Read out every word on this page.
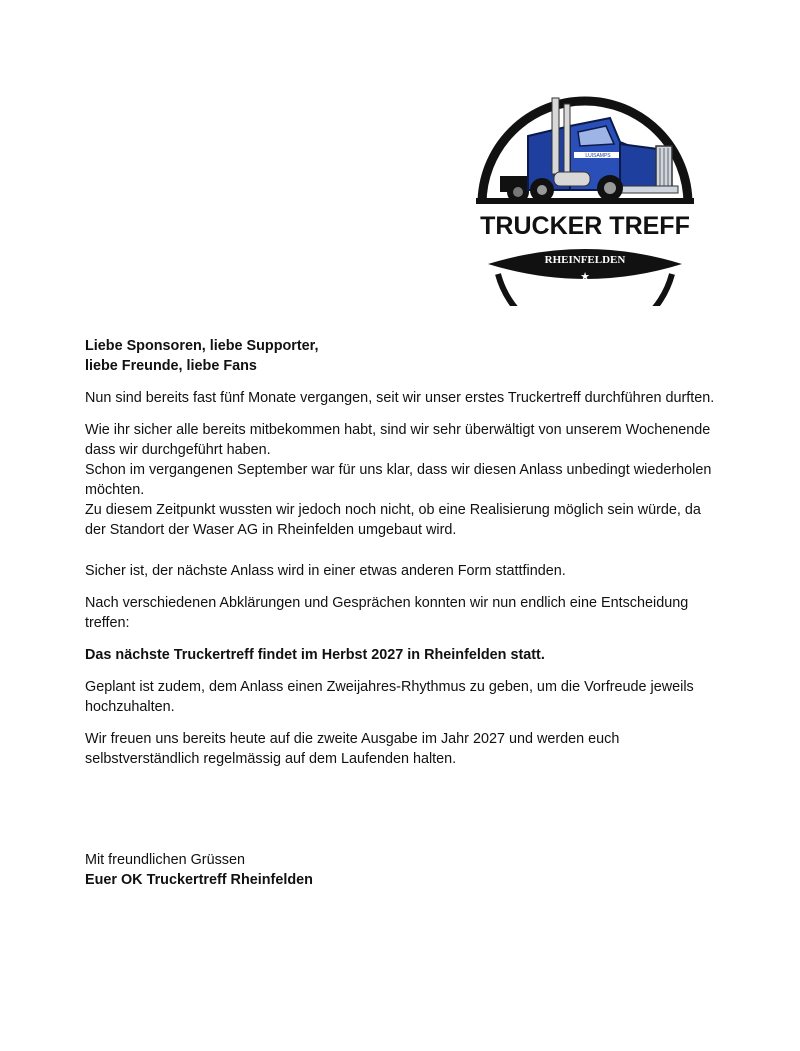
LUISAMPS
TRUCKER TREFF
RHEINFELDEN
★

Liebe Sponsoren, liebe Supporter,
liebe Freunde, liebe Fans

Nun sind bereits fast fünf Monate vergangen, seit wir unser erstes Truckertreff durchführen durften.

Wie ihr sicher alle bereits mitbekommen habt, sind wir sehr überwältigt von unserem Wochenende dass wir durchgeführt haben.
Schon im vergangenen September war für uns klar, dass wir diesen Anlass unbedingt wiederholen möchten.
Zu diesem Zeitpunkt wussten wir jedoch noch nicht, ob eine Realisierung möglich sein würde, da der Standort der Waser AG in Rheinfelden umgebaut wird.

Sicher ist, der nächste Anlass wird in einer etwas anderen Form stattfinden.

Nach verschiedenen Abklärungen und Gesprächen konnten wir nun endlich eine Entscheidung treffen:

Das nächste Truckertreff findet im Herbst 2027 in Rheinfelden statt.

Geplant ist zudem, dem Anlass einen Zweijahres-Rhythmus zu geben, um die Vorfreude jeweils hochzuhalten.

Wir freuen uns bereits heute auf die zweite Ausgabe im Jahr 2027 und werden euch selbstverständlich regelmässig auf dem Laufenden halten.

Mit freundlichen Grüssen

Euer OK Truckertreff Rheinfelden
